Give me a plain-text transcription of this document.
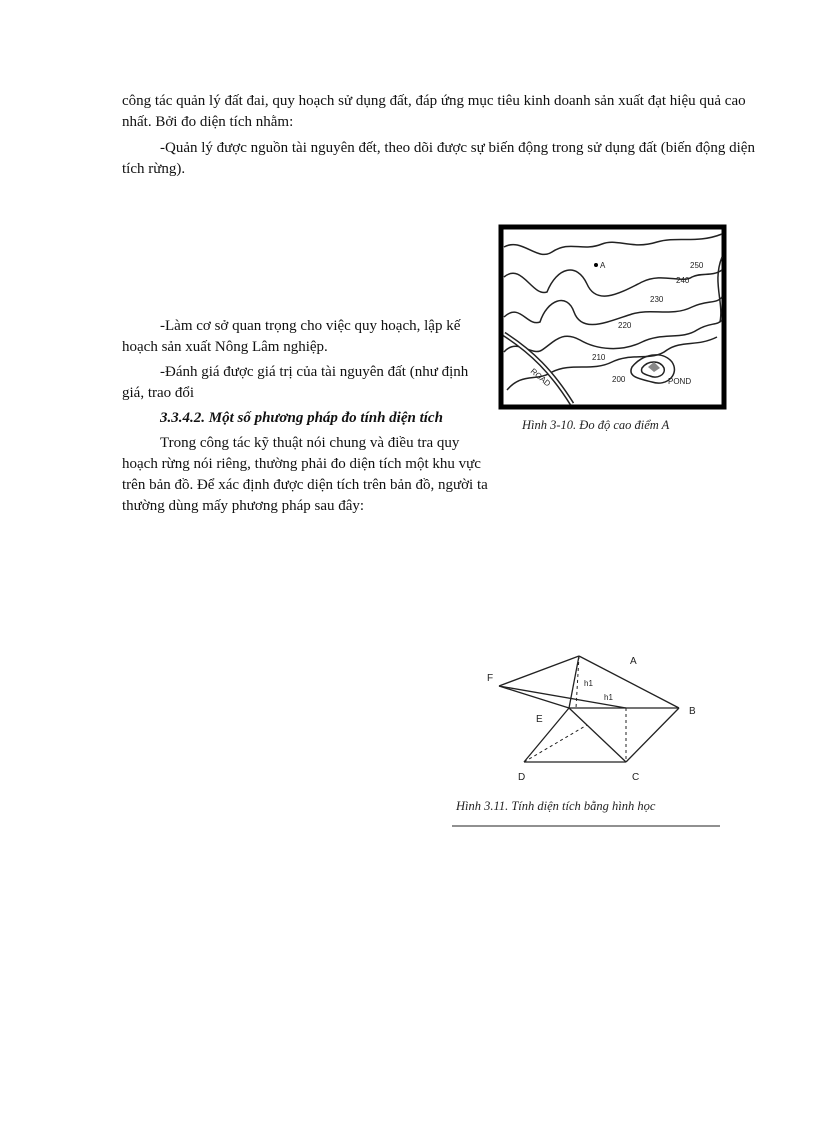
công tác quản lý đất đai, quy hoạch sử dụng đất, đáp ứng mục tiêu kinh doanh sản xuất đạt hiệu quả cao nhất. Bởi đo diện tích nhằm:

-Quản lý được nguồn tài nguyên đết, theo dõi được sự biến động trong sử dụng đất (biến động diện tích rừng).

-Làm cơ sở quan trọng cho việc quy hoạch, lập kế hoạch sản xuất Nông Lâm nghiệp.

-Đánh giá được giá trị của tài nguyên đất (như định giá, trao đổi

3.3.4.2. Một số phương pháp đo tính diện tích

Trong công tác kỹ thuật nói chung và điều tra quy hoạch rừng nói riêng, thường phải đo diện tích một khu vực trên bản đồ. Để xác định được diện tích trên bản đồ, người ta thường dùng mấy phương pháp sau đây:

A	250
240
230
220
210
200
ROAD	POND
Hình 3-10. Đo độ cao điểm A
A
B
C
D
E
F	h1
h1
Hình 3.11. Tính diện tích bằng hình học
